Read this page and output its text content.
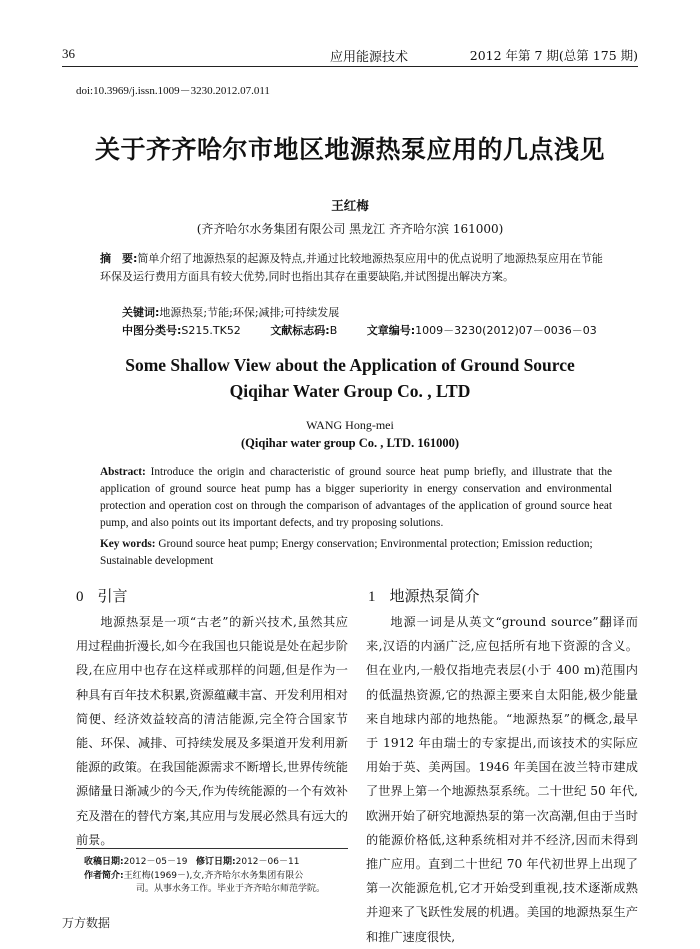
36	应用能源技术	2012 年第 7 期(总第 175 期)
doi:10.3969/j.issn.1009－3230.2012.07.011
关于齐齐哈尔市地区地源热泵应用的几点浅见
王红梅
(齐齐哈尔水务集团有限公司 黑龙江 齐齐哈尔滨 161000)
摘　要:简单介绍了地源热泵的起源及特点,并通过比较地源热泵应用中的优点说明了地源热泵应用在节能环保及运行费用方面具有较大优势,同时也指出其存在重要缺陷,并试图提出解决方案。
关键词:地源热泵;节能;环保;减排;可持续发展
中图分类号:S215.TK52	文献标志码:B	文章编号:1009－3230(2012)07－0036－03
Some Shallow View about the Application of Ground Source
Qiqihar Water Group Co. , LTD
WANG Hong-mei
(Qiqihar water group Co. , LTD. 161000)
Abstract: Introduce the origin and characteristic of ground source heat pump briefly, and illustrate that the application of ground source heat pump has a bigger superiority in energy conservation and environmental protection and operation cost on through the comparison of advantages of the application of ground source heat pump, and also points out its important defects, and try proposing solutions.
Key words: Ground source heat pump; Energy conservation; Environmental protection; Emission reduction; Sustainable development
0 引言	1 地源热泵简介

地源热泵是一项“古老”的新兴技术,虽然其应用过程曲折漫长,如今在我国也只能说是处在起步阶段,在应用中也存在这样或那样的问题,但是作为一种具有百年技术积累,资源蕴藏丰富、开发利用相对简便、经济效益较高的清洁能源,完全符合国家节能、环保、减排、可持续发展及多渠道开发利用新能源的政策。在我国能源需求不断增长,世界传统能源储量日渐减少的今天,作为传统能源的一个有效补充及潜在的替代方案,其应用与发展必然具有远大的前景。

地源一词是从英文“ground source”翻译而来,汉语的内涵广泛,应包括所有地下资源的含义。但在业内,一般仅指地壳表层(小于 400 m)范围内的低温热资源,它的热源主要来自太阳能,极少能量来自地球内部的地热能。“地源热泵”的概念,最早于 1912 年由瑞士的专家提出,而该技术的实际应用始于英、美两国。1946 年美国在波兰特市建成了世界上第一个地源热泵系统。二十世纪 50 年代,欧洲开始了研究地源热泵的第一次高潮,但由于当时的能源价格低,这种系统相对并不经济,因而未得到推广应用。直到二十世纪 70 年代初世界上出现了第一次能源危机,它才开始受到重视,技术逐渐成熟并迎来了飞跃性发展的机遇。美国的地源热泵生产和推广速度很快,

收稿日期:2012－05－19 修订日期:2012－06－11
作者简介:王红梅(1969－),女,齐齐哈尔水务集团有限公
司。从事水务工作。毕业于齐齐哈尔师范学院。
万方数据
